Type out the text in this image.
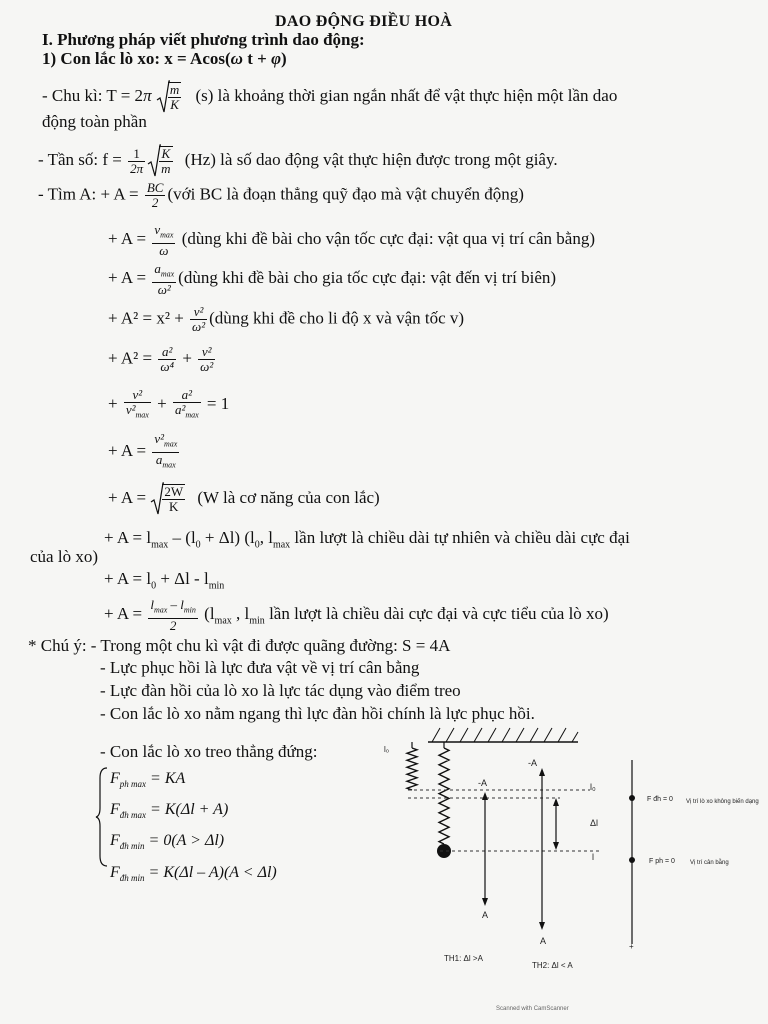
DAO ĐỘNG ĐIỀU HOÀ
I. Phương pháp viết phương trình dao động:
1) Con lắc lò xo: x = Acos(ω t + φ)
- Chu kì: $T = 2\pi \frac{m}{K} (s)$ là khoảng thời gian ngắn nhất để vật thực hiện một lần dao
động toàn phần
- Tần số: $f = \frac{1}{2\pi} \frac{K}{m} (Hz)$ là số dao động vật thực hiện được trong một giây.
- Tìm A: + $A = \frac{BC}{2}$ (với BC là đoạn thẳng quỹ đạo mà vật chuyển động)
+ $A = \frac{v_{max}}{\omega}$ (dùng khi đề bài cho vận tốc cực đại: vật qua vị trí cân bằng)
+ $A = \frac{a_{max}}{\text{ω²}}$ (dùng khi đề bài cho gia tốc cực đại: vật đến vị trí biên)
+ $A^2 = x^2 + \frac{\text{v²}}{\text{ω²}}$ (dùng khi đề cho li độ x và vận tốc v)
+ $A^2 = \frac{\text{a²}}{\text{ω⁴}} + \frac{\text{v²}}{\text{ω²}}$
+ $\frac{\text{v²}}{v^2_{max}} + \frac{\text{a²}}{a^2_{max}} = 1$
+ $A = \frac{v^2_{max}}{a_{max}}$
+ $A = \frac{2W}{K} (W$ là cơ năng của con lắc)
+ $A = l_{max} - (l_0 + \Delta l)$ ($l_0$, $l_{max}$ lần lượt là chiều dài tự nhiên và chiều dài cực đại
của lò xo)
+ $A = l_0 + \Delta l - l_{min}$
+ $A = \frac{l_{max} - l_{min}}{2} (l_{max}$ , $l_{min}$ lần lượt là chiều dài cực đại và cực tiểu của lò xo)
* Chú ý: - Trong một chu kì vật đi được quãng đường: S = 4A
- Lực phục hồi là lực đưa vật về vị trí cân bằng
- Lực đàn hồi của lò xo là lực tác dụng vào điểm treo
- Con lắc lò xo nằm ngang thì lực đàn hồi chính là lực phục hồi.
- Con lắc lò xo treo thẳng đứng:
$F_{ph max}$ = KA
$F_{đh max} = K(\Delta l + A)$
$F_{đh min} = 0(A > \Delta l)$
$F_{đh min} = K(\Delta l - A)(A < \Delta l)$
l₀
-A
-A
l₀
Δl
l
A
A
F đh = 0 Vị trí lò xo không biến dạng
F ph = 0	Vị trí cân bằng
+
TH1: Δl >A
TH2: Δl < A
Scanned with CamScanner
